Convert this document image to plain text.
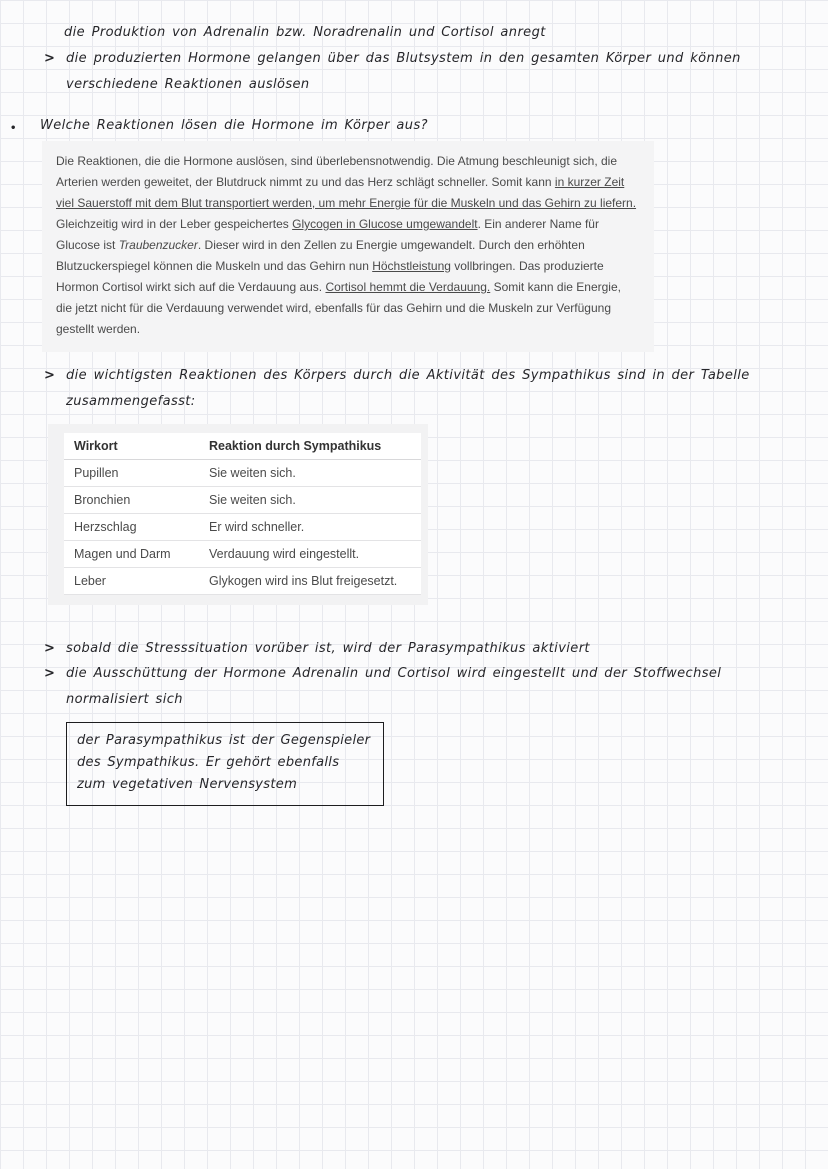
die Produktion von Adrenalin bzw. Noradrenalin und Cortisol anregt
> die produzierten Hormone gelangen über das Blutsystem in den gesamten Körper und können verschiedene Reaktionen auslösen
•	Welche Reaktionen lösen die Hormone im Körper aus?
Die Reaktionen, die die Hormone auslösen, sind überlebensnotwendig. Die Atmung beschleunigt sich, die Arterien werden geweitet, der Blutdruck nimmt zu und das Herz schlägt schneller. Somit kann in kurzer Zeit viel Sauerstoff mit dem Blut transportiert werden, um mehr Energie für die Muskeln und das Gehirn zu liefern. Gleichzeitig wird in der Leber gespeichertes Glycogen in Glucose umgewandelt. Ein anderer Name für Glucose ist Traubenzucker. Dieser wird in den Zellen zu Energie umgewandelt. Durch den erhöhten Blutzuckerspiegel können die Muskeln und das Gehirn nun Höchstleistung vollbringen. Das produzierte Hormon Cortisol wirkt sich auf die Verdauung aus. Cortisol hemmt die Verdauung. Somit kann die Energie, die jetzt nicht für die Verdauung verwendet wird, ebenfalls für das Gehirn und die Muskeln zur Verfügung gestellt werden.
> die wichtigsten Reaktionen des Körpers durch die Aktivität des Sympathikus sind in der Tabelle zusammengefasst:
Wirkort	Reaktion durch Sympathikus
Pupillen	Sie weiten sich.
Bronchien	Sie weiten sich.
Herzschlag	Er wird schneller.
Magen und Darm	Verdauung wird eingestellt.
Leber	Glykogen wird ins Blut freigesetzt.
> sobald die Stresssituation vorüber ist, wird der Parasympathikus aktiviert
> die Ausschüttung der Hormone Adrenalin und Cortisol wird eingestellt und der Stoffwechsel normalisiert sich
der Parasympathikus ist der Gegenspieler des Sympathikus. Er gehört ebenfalls zum vegetativen Nervensystem
